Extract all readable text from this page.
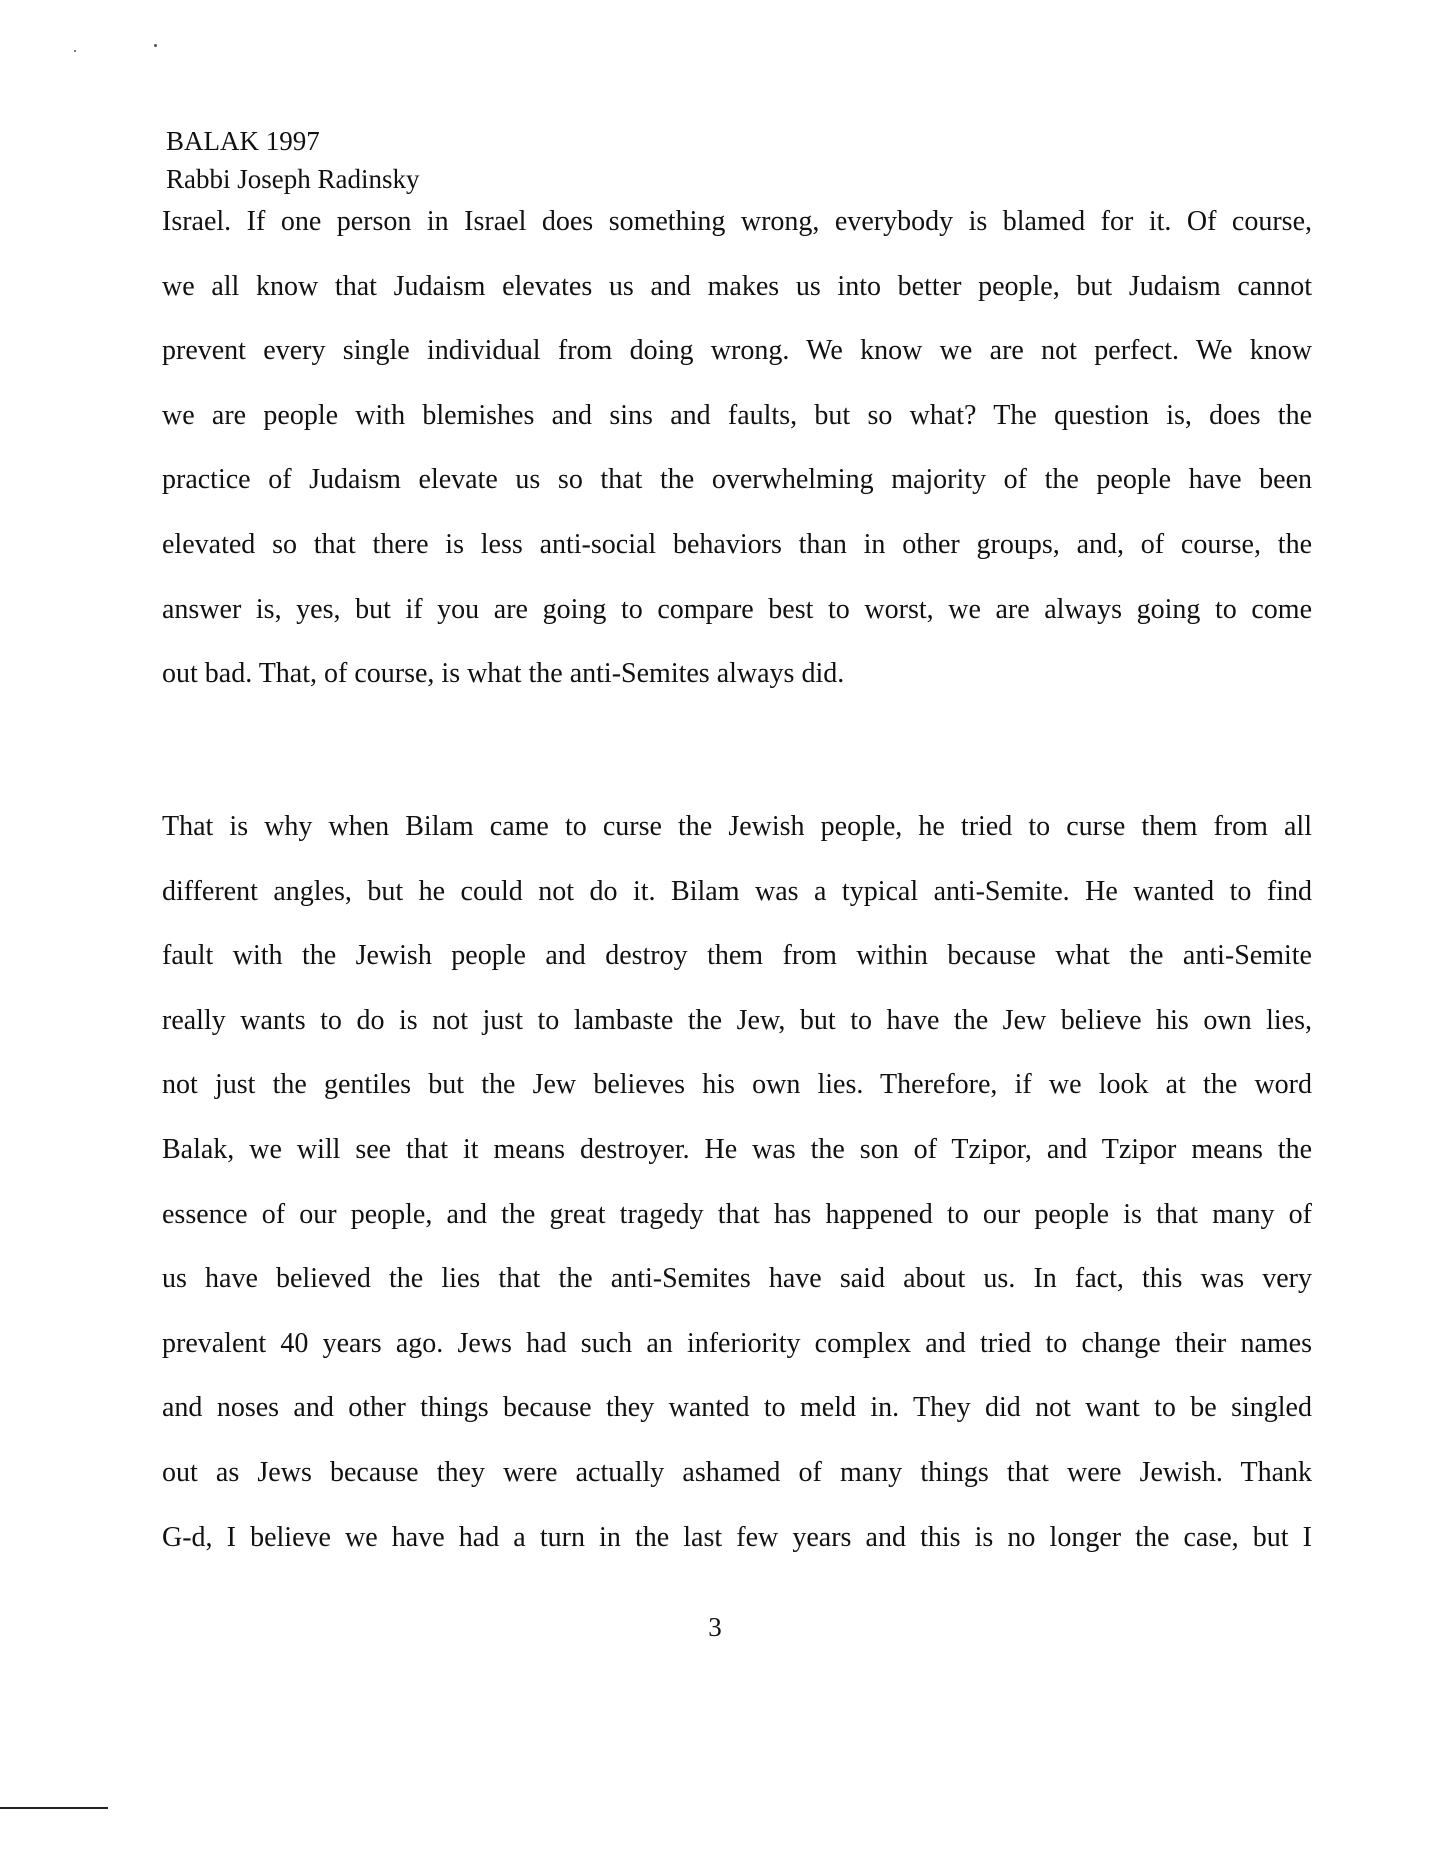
BALAK 1997
Rabbi Joseph Radinsky
Israel. If one person in Israel does something wrong, everybody is blamed for it. Of course,
we all know that Judaism elevates us and makes us into better people, but Judaism cannot
prevent every single individual from doing wrong. We know we are not perfect. We know
we are people with blemishes and sins and faults, but so what? The question is, does the
practice of Judaism elevate us so that the overwhelming majority of the people have been
elevated so that there is less anti-social behaviors than in other groups, and, of course, the
answer is, yes, but if you are going to compare best to worst, we are always going to come
out bad. That, of course, is what the anti-Semites always did.
That is why when Bilam came to curse the Jewish people, he tried to curse them from all
different angles, but he could not do it. Bilam was a typical anti-Semite. He wanted to find
fault with the Jewish people and destroy them from within because what the anti-Semite
really wants to do is not just to lambaste the Jew, but to have the Jew believe his own lies,
not just the gentiles but the Jew believes his own lies. Therefore, if we look at the word
Balak, we will see that it means destroyer. He was the son of Tzipor, and Tzipor means the
essence of our people, and the great tragedy that has happened to our people is that many of
us have believed the lies that the anti-Semites have said about us. In fact, this was very
prevalent 40 years ago. Jews had such an inferiority complex and tried to change their names
and noses and other things because they wanted to meld in. They did not want to be singled
out as Jews because they were actually ashamed of many things that were Jewish. Thank
G-d, I believe we have had a turn in the last few years and this is no longer the case, but I
3
